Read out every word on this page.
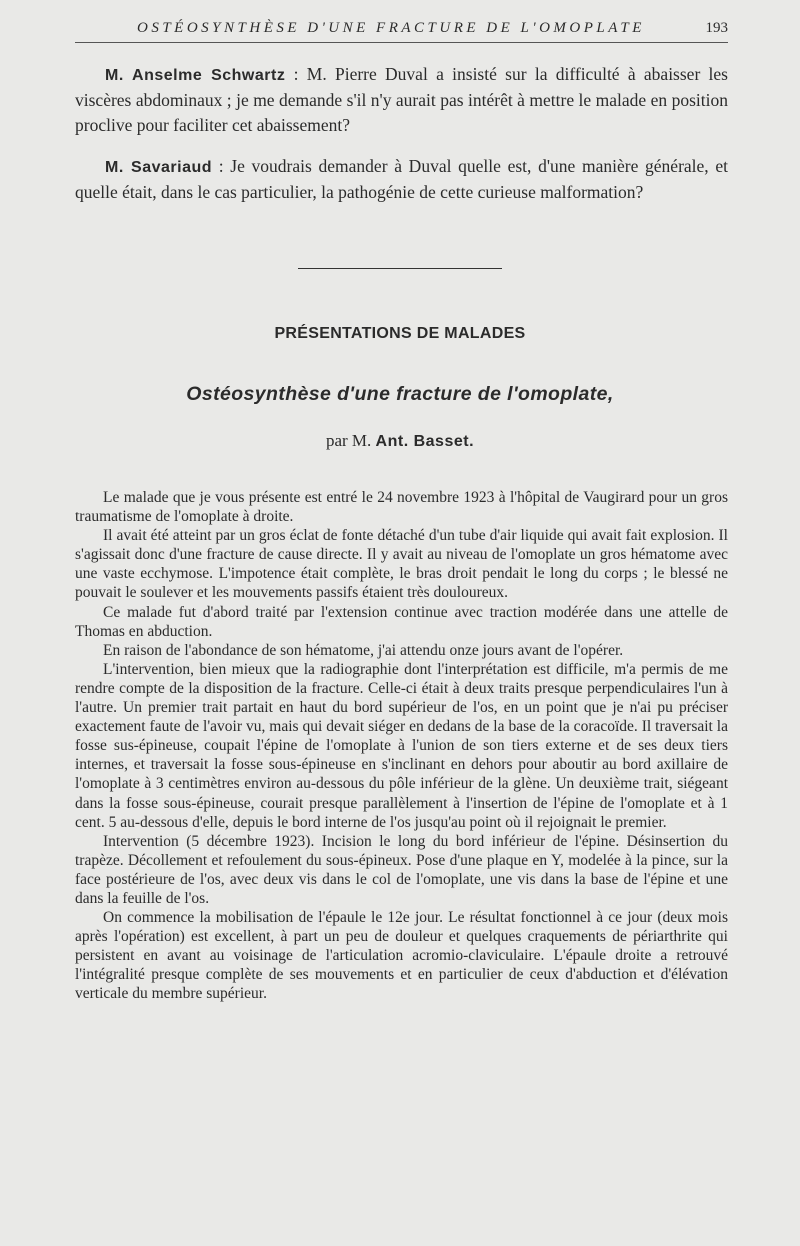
OSTÉOSYNTHÈSE D'UNE FRACTURE DE L'OMOPLATE	193

M. Anselme Schwartz : M. Pierre Duval a insisté sur la difficulté à abaisser les viscères abdominaux ; je me demande s'il n'y aurait pas intérêt à mettre le malade en position proclive pour faciliter cet abaissement?

M. Savariaud : Je voudrais demander à Duval quelle est, d'une manière générale, et quelle était, dans le cas particulier, la pathogénie de cette curieuse malformation?

PRÉSENTATIONS DE MALADES
Ostéosynthèse d'une fracture de l'omoplate,
par M. Ant. Basset.

Le malade que je vous présente est entré le 24 novembre 1923 à l'hôpital de Vaugirard pour un gros traumatisme de l'omoplate à droite.

Il avait été atteint par un gros éclat de fonte détaché d'un tube d'air liquide qui avait fait explosion. Il s'agissait donc d'une fracture de cause directe. Il y avait au niveau de l'omoplate un gros hématome avec une vaste ecchymose. L'impotence était complète, le bras droit pendait le long du corps ; le blessé ne pouvait le soulever et les mouvements passifs étaient très douloureux.

Ce malade fut d'abord traité par l'extension continue avec traction modérée dans une attelle de Thomas en abduction.

En raison de l'abondance de son hématome, j'ai attendu onze jours avant de l'opérer.

L'intervention, bien mieux que la radiographie dont l'interprétation est difficile, m'a permis de me rendre compte de la disposition de la fracture. Celle-ci était à deux traits presque perpendiculaires l'un à l'autre. Un premier trait partait en haut du bord supérieur de l'os, en un point que je n'ai pu préciser exactement faute de l'avoir vu, mais qui devait siéger en dedans de la base de la coracoïde. Il traversait la fosse sus-épineuse, coupait l'épine de l'omoplate à l'union de son tiers externe et de ses deux tiers internes, et traversait la fosse sous-épineuse en s'inclinant en dehors pour aboutir au bord axillaire de l'omoplate à 3 centimètres environ au-dessous du pôle inférieur de la glène. Un deuxième trait, siégeant dans la fosse sous-épineuse, courait presque parallèlement à l'insertion de l'épine de l'omoplate et à 1 cent. 5 au-dessous d'elle, depuis le bord interne de l'os jusqu'au point où il rejoignait le premier.

Intervention (5 décembre 1923). Incision le long du bord inférieur de l'épine. Désinsertion du trapèze. Décollement et refoulement du sous-épineux. Pose d'une plaque en Y, modelée à la pince, sur la face postérieure de l'os, avec deux vis dans le col de l'omoplate, une vis dans la base de l'épine et une dans la feuille de l'os.

On commence la mobilisation de l'épaule le 12e jour. Le résultat fonctionnel à ce jour (deux mois après l'opération) est excellent, à part un peu de douleur et quelques craquements de périarthrite qui persistent en avant au voisinage de l'articulation acromio-claviculaire. L'épaule droite a retrouvé l'intégralité presque complète de ses mouvements et en particulier de ceux d'abduction et d'élévation verticale du membre supérieur.
